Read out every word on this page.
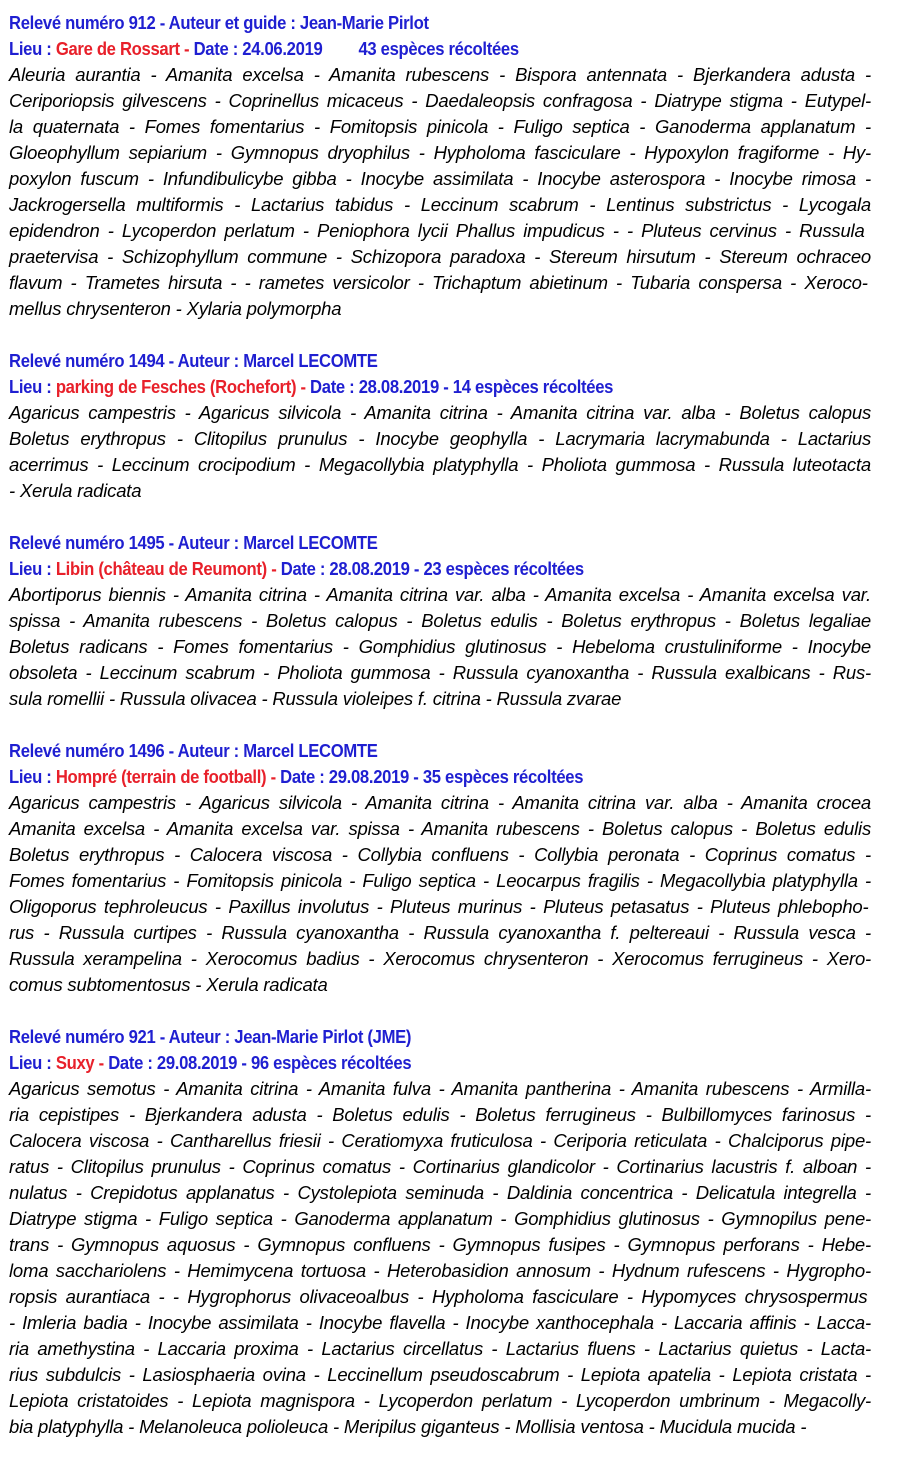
Relevé numéro 912 - Auteur et guide : Jean-Marie Pirlot
Lieu : Gare de Rossart - Date : 24.06.2019 43 espèces récoltées
Aleuria aurantia - Amanita excelsa - Amanita rubescens - Bispora antennata - Bjerkandera adusta -
Ceriporiopsis gilvescens - Coprinellus micaceus - Daedaleopsis confragosa - Diatrype stigma - Eutypel-
la quaternata - Fomes fomentarius - Fomitopsis pinicola - Fuligo septica - Ganoderma applanatum -
Gloeophyllum sepiarium - Gymnopus dryophilus - Hypholoma fasciculare - Hypoxylon fragiforme - Hy-
poxylon fuscum - Infundibulicybe gibba - Inocybe assimilata - Inocybe asterospora - Inocybe rimosa -
Jackrogersella multiformis - Lactarius tabidus - Leccinum scabrum - Lentinus substrictus - Lycogala
epidendron - Lycoperdon perlatum - Peniophora lycii Phallus impudicus - - Pluteus cervinus - Russula
praetervisa - Schizophyllum commune - Schizopora paradoxa - Stereum hirsutum - Stereum ochraceo
flavum - Trametes hirsuta - - rametes versicolor - Trichaptum abietinum - Tubaria conspersa - Xeroco-
mellus chrysenteron - Xylaria polymorpha
Relevé numéro 1494 - Auteur : Marcel LECOMTE
Lieu : parking de Fesches (Rochefort) - Date : 28.08.2019 - 14 espèces récoltées
Agaricus campestris - Agaricus silvicola - Amanita citrina - Amanita citrina var. alba - Boletus calopus
Boletus erythropus - Clitopilus prunulus - Inocybe geophylla - Lacrymaria lacrymabunda - Lactarius
acerrimus - Leccinum crocipodium - Megacollybia platyphylla - Pholiota gummosa - Russula luteotacta
- Xerula radicata
Relevé numéro 1495 - Auteur : Marcel LECOMTE
Lieu : Libin (château de Reumont) - Date : 28.08.2019 - 23 espèces récoltées
Abortiporus biennis - Amanita citrina - Amanita citrina var. alba - Amanita excelsa - Amanita excelsa var.
spissa - Amanita rubescens - Boletus calopus - Boletus edulis - Boletus erythropus - Boletus legaliae
Boletus radicans - Fomes fomentarius - Gomphidius glutinosus - Hebeloma crustuliniforme - Inocybe
obsoleta - Leccinum scabrum - Pholiota gummosa - Russula cyanoxantha - Russula exalbicans - Rus-
sula romellii - Russula olivacea - Russula violeipes f. citrina - Russula zvarae
Relevé numéro 1496 - Auteur : Marcel LECOMTE
Lieu : Hompré (terrain de football) - Date : 29.08.2019 - 35 espèces récoltées
Agaricus campestris - Agaricus silvicola - Amanita citrina - Amanita citrina var. alba - Amanita crocea
Amanita excelsa - Amanita excelsa var. spissa - Amanita rubescens - Boletus calopus - Boletus edulis
Boletus erythropus - Calocera viscosa - Collybia confluens - Collybia peronata - Coprinus comatus -
Fomes fomentarius - Fomitopsis pinicola - Fuligo septica - Leocarpus fragilis - Megacollybia platyphylla -
Oligoporus tephroleucus - Paxillus involutus - Pluteus murinus - Pluteus petasatus - Pluteus phlebopho-
rus - Russula curtipes - Russula cyanoxantha - Russula cyanoxantha f. peltereaui - Russula vesca -
Russula xerampelina - Xerocomus badius - Xerocomus chrysenteron - Xerocomus ferrugineus - Xero-
comus subtomentosus - Xerula radicata
Relevé numéro 921 - Auteur : Jean-Marie Pirlot (JME)
Lieu : Suxy - Date : 29.08.2019 - 96 espèces récoltées
Agaricus semotus - Amanita citrina - Amanita fulva - Amanita pantherina - Amanita rubescens - Armilla-
ria cepistipes - Bjerkandera adusta - Boletus edulis - Boletus ferrugineus - Bulbillomyces farinosus -
Calocera viscosa - Cantharellus friesii - Ceratiomyxa fruticulosa - Ceriporia reticulata - Chalciporus pipe-
ratus - Clitopilus prunulus - Coprinus comatus - Cortinarius glandicolor - Cortinarius lacustris f. alboan -
nulatus - Crepidotus applanatus - Cystolepiota seminuda - Daldinia concentrica - Delicatula integrella -
Diatrype stigma - Fuligo septica - Ganoderma applanatum - Gomphidius glutinosus - Gymnopilus pene-
trans - Gymnopus aquosus - Gymnopus confluens - Gymnopus fusipes - Gymnopus perforans - Hebe-
loma sacchariolens - Hemimycena tortuosa - Heterobasidion annosum - Hydnum rufescens - Hygropho-
ropsis aurantiaca - - Hygrophorus olivaceoalbus - Hypholoma fasciculare - Hypomyces chrysospermus
- Imleria badia - Inocybe assimilata - Inocybe flavella - Inocybe xanthocephala - Laccaria affinis - Lacca-
ria amethystina - Laccaria proxima - Lactarius circellatus - Lactarius fluens - Lactarius quietus - Lacta-
rius subdulcis - Lasiosphaeria ovina - Leccinellum pseudoscabrum - Lepiota apatelia - Lepiota cristata -
Lepiota cristatoides - Lepiota magnispora - Lycoperdon perlatum - Lycoperdon umbrinum - Megacolly-
bia platyphylla - Melanoleuca polioleuca - Meripilus giganteus - Mollisia ventosa - Mucidula mucida -
